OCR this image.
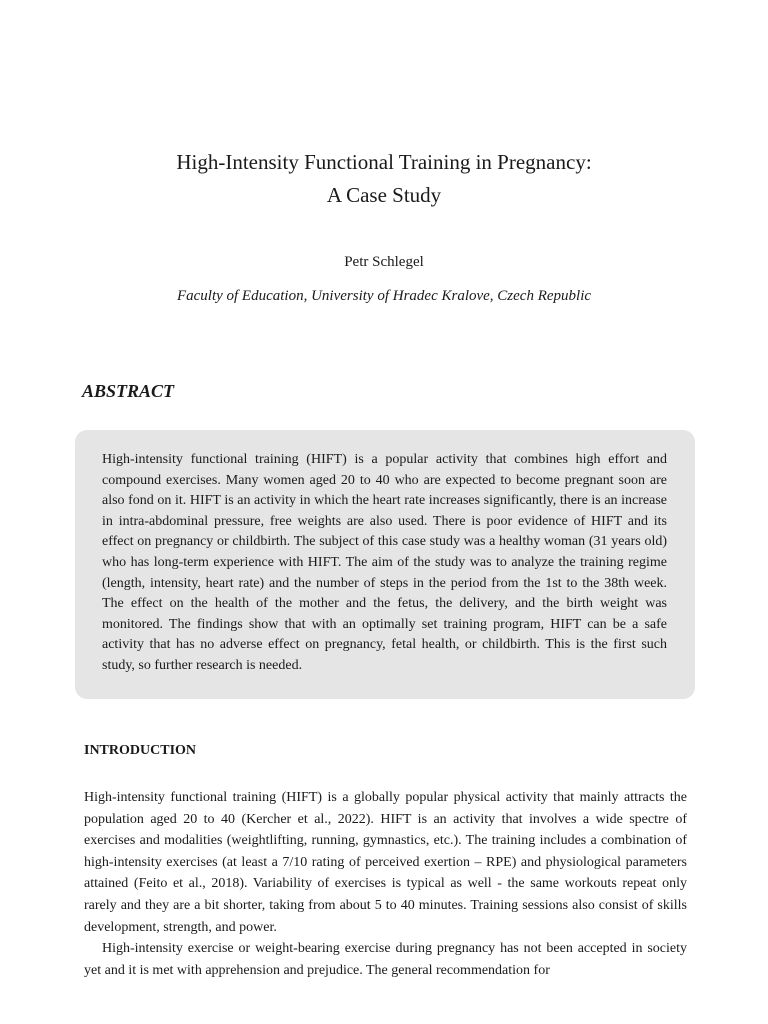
High-Intensity Functional Training in Pregnancy:
A Case Study
Petr Schlegel
Faculty of Education, University of Hradec Kralove, Czech Republic
ABSTRACT

High-intensity functional training (HIFT) is a popular activity that combines high effort and compound exercises. Many women aged 20 to 40 who are expected to become pregnant soon are also fond on it. HIFT is an activity in which the heart rate increases significantly, there is an increase in intra-abdominal pressure, free weights are also used. There is poor evidence of HIFT and its effect on pregnancy or childbirth. The subject of this case study was a healthy woman (31 years old) who has long-term experience with HIFT. The aim of the study was to analyze the training regime (length, intensity, heart rate) and the number of steps in the period from the 1st to the 38th week. The effect on the health of the mother and the fetus, the delivery, and the birth weight was monitored. The findings show that with an optimally set training program, HIFT can be a safe activity that has no adverse effect on pregnancy, fetal health, or childbirth. This is the first such study, so further research is needed.

INTRODUCTION

High-intensity functional training (HIFT) is a globally popular physical activity that mainly attracts the population aged 20 to 40 (Kercher et al., 2022). HIFT is an activity that involves a wide spectre of exercises and modalities (weightlifting, running, gymnastics, etc.). The training includes a combination of high-intensity exercises (at least a 7/10 rating of perceived exertion – RPE) and physiological parameters attained (Feito et al., 2018). Variability of exercises is typical as well - the same workouts repeat only rarely and they are a bit shorter, taking from about 5 to 40 minutes. Training sessions also consist of skills development, strength, and power.

High-intensity exercise or weight-bearing exercise during pregnancy has not been accepted in society yet and it is met with apprehension and prejudice. The general recommendation for
